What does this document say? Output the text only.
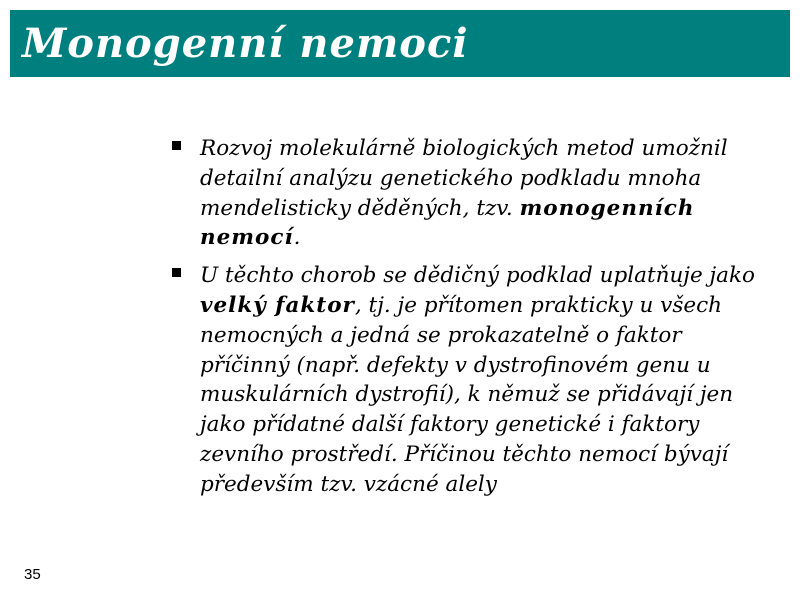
Monogenní nemoci
Rozvoj molekulárně biologických metod umožnil detailní analýzu genetického podkladu mnoha mendelisticky děděných, tzv. monogenních nemocí.
U těchto chorob se dědičný podklad uplatňuje jako velký faktor, tj. je přítomen prakticky u všech nemocných a jedná se prokazatelně o faktor příčinný (např. defekty v dystrofinovém genu u muskulárních dystrofií), k němuž se přidávají jen jako přídatné další faktory genetické i faktory zevního prostředí. Příčinou těchto nemocí bývají především tzv. vzácné alely
35
